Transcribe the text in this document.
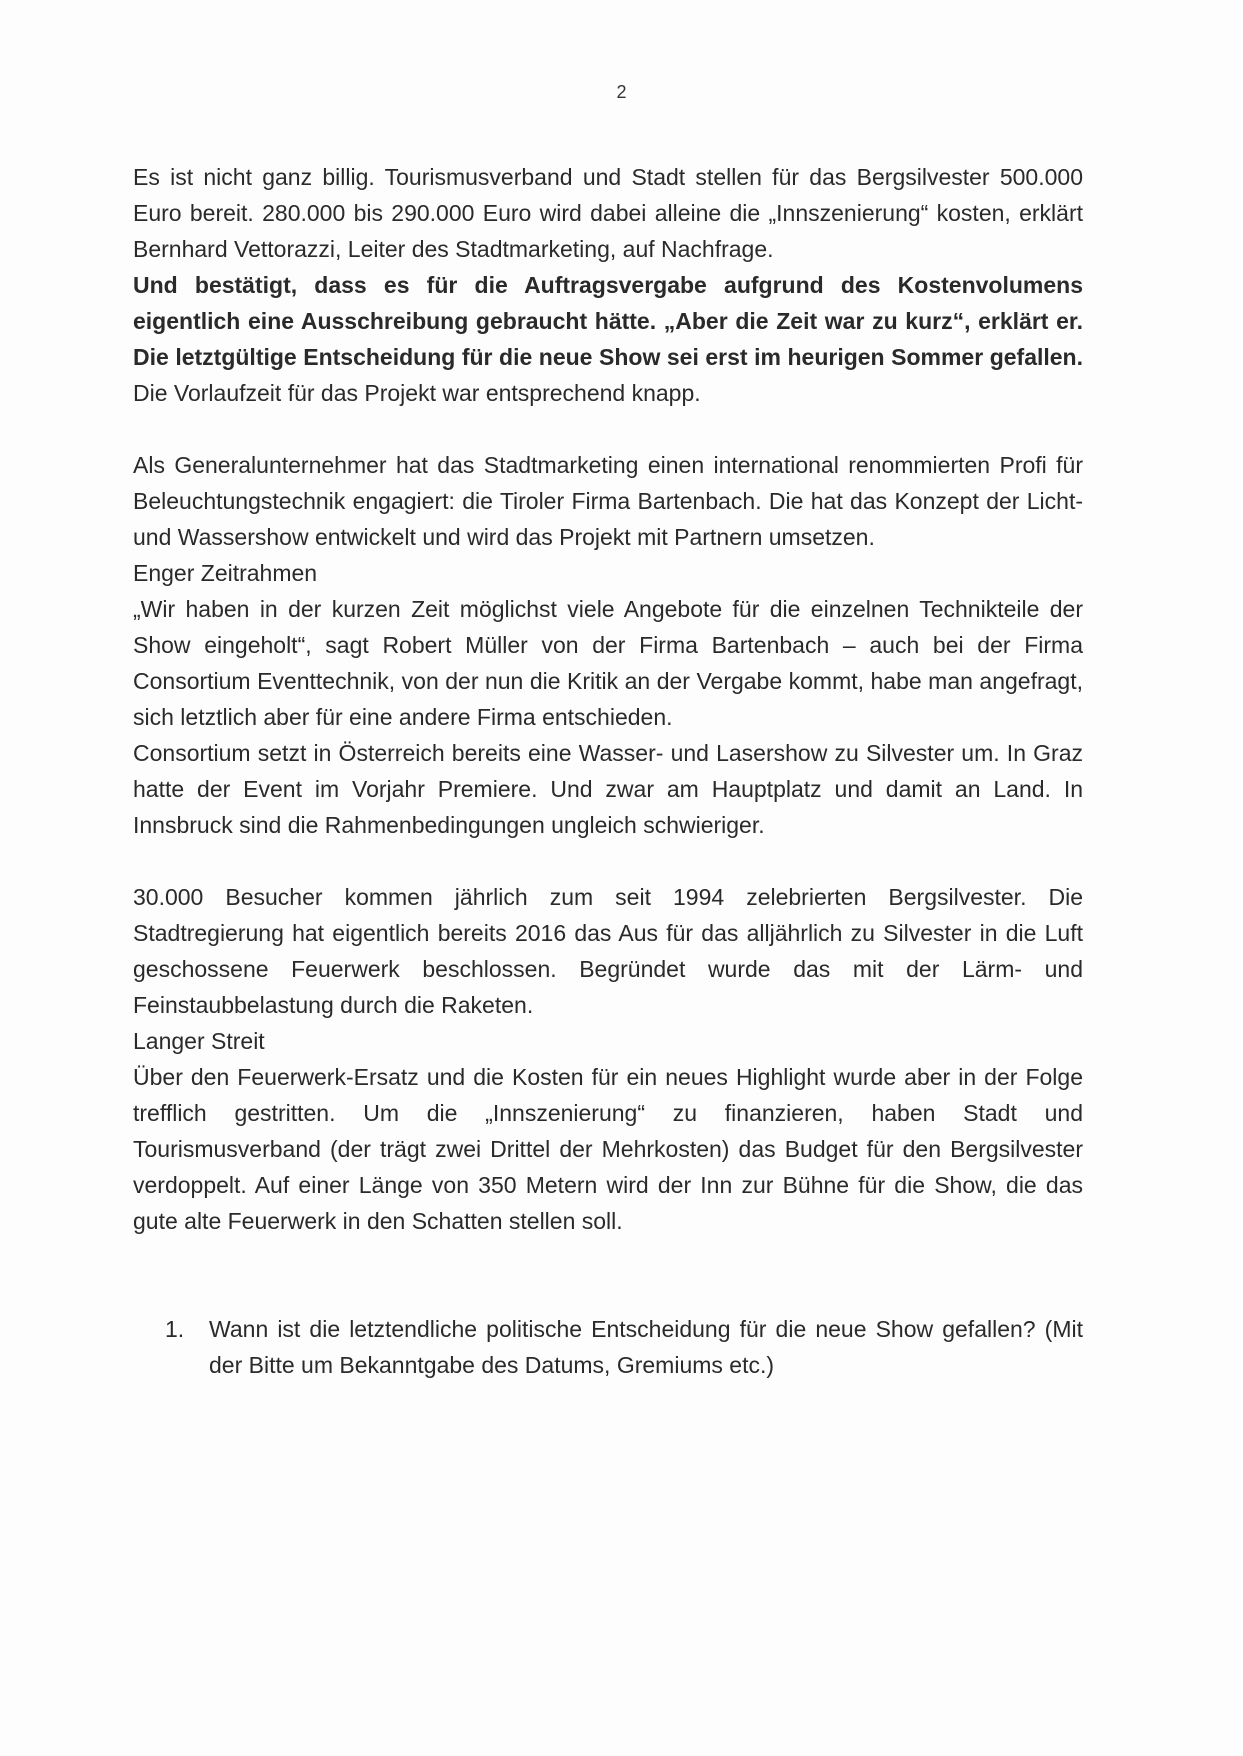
2

Es ist nicht ganz billig. Tourismusverband und Stadt stellen für das Bergsilvester 500.000 Euro bereit. 280.000 bis 290.000 Euro wird dabei alleine die „Innszenierung“ kosten, erklärt Bernhard Vettorazzi, Leiter des Stadtmarketing, auf Nachfrage.
Und bestätigt, dass es für die Auftragsvergabe aufgrund des Kostenvolumens eigentlich eine Ausschreibung gebraucht hätte. „Aber die Zeit war zu kurz“, erklärt er. Die letztgültige Entscheidung für die neue Show sei erst im heurigen Sommer gefallen. Die Vorlaufzeit für das Projekt war entsprechend knapp.

Als Generalunternehmer hat das Stadtmarketing einen international renommierten Profi für Beleuchtungstechnik engagiert: die Tiroler Firma Bartenbach. Die hat das Konzept der Licht- und Wassershow entwickelt und wird das Projekt mit Partnern umsetzen.

Enger Zeitrahmen

„Wir haben in der kurzen Zeit möglichst viele Angebote für die einzelnen Technikteile der Show eingeholt“, sagt Robert Müller von der Firma Bartenbach – auch bei der Firma Consortium Eventtechnik, von der nun die Kritik an der Vergabe kommt, habe man angefragt, sich letztlich aber für eine andere Firma entschieden.

Consortium setzt in Österreich bereits eine Wasser- und Lasershow zu Silvester um. In Graz hatte der Event im Vorjahr Premiere. Und zwar am Hauptplatz und damit an Land. In Innsbruck sind die Rahmenbedingungen ungleich schwieriger.

30.000 Besucher kommen jährlich zum seit 1994 zelebrierten Bergsilvester. Die Stadtregierung hat eigentlich bereits 2016 das Aus für das alljährlich zu Silvester in die Luft geschossene Feuerwerk beschlossen. Begründet wurde das mit der Lärm- und Feinstaubbelastung durch die Raketen.

Langer Streit

Über den Feuerwerk-Ersatz und die Kosten für ein neues Highlight wurde aber in der Folge trefflich gestritten. Um die „Innszenierung“ zu finanzieren, haben Stadt und Tourismusverband (der trägt zwei Drittel der Mehrkosten) das Budget für den Bergsilvester verdoppelt. Auf einer Länge von 350 Metern wird der Inn zur Bühne für die Show, die das gute alte Feuerwerk in den Schatten stellen soll.

1. Wann ist die letztendliche politische Entscheidung für die neue Show gefallen? (Mit der Bitte um Bekanntgabe des Datums, Gremiums etc.)
